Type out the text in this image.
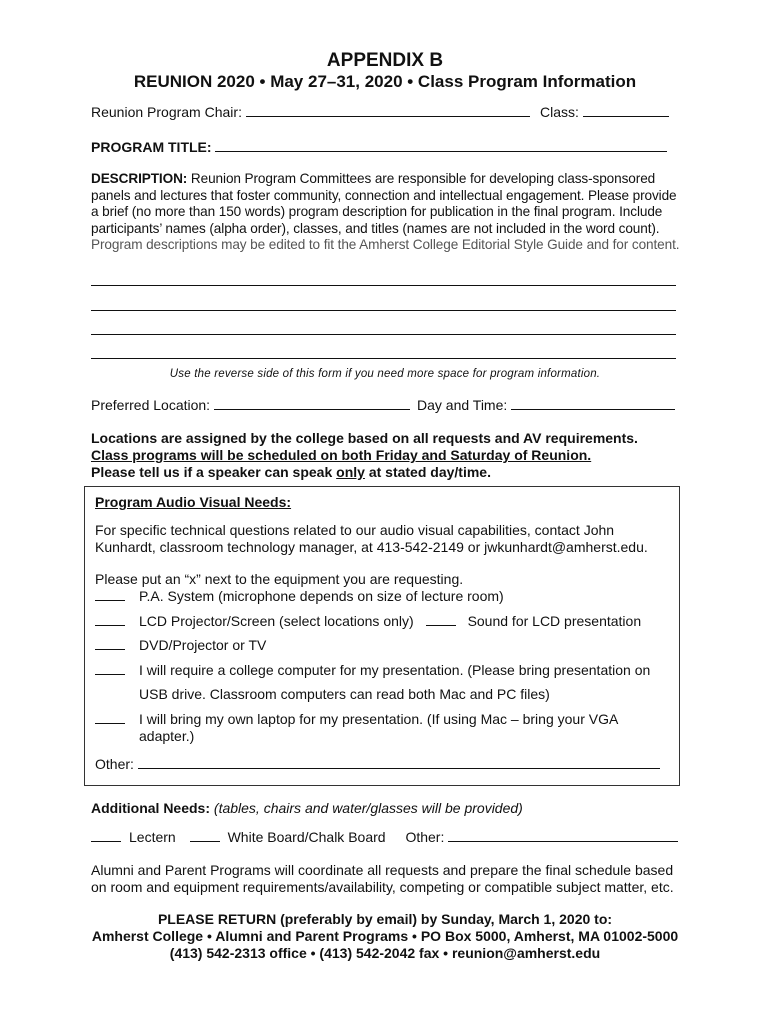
APPENDIX B
REUNION 2020 • May 27–31, 2020 • Class Program Information
Reunion Program Chair:	Class:
PROGRAM TITLE:
DESCRIPTION: Reunion Program Committees are responsible for developing class-sponsored panels and lectures that foster community, connection and intellectual engagement. Please provide a brief (no more than 150 words) program description for publication in the final program. Include participants’ names (alpha order), classes, and titles (names are not included in the word count). Program descriptions may be edited to fit the Amherst College Editorial Style Guide and for content.
Use the reverse side of this form if you need more space for program information.
Preferred Location:	Day and Time:
Locations are assigned by the college based on all requests and AV requirements.
Class programs will be scheduled on both Friday and Saturday of Reunion.
Please tell us if a speaker can speak only at stated day/time.
Program Audio Visual Needs:
For specific technical questions related to our audio visual capabilities, contact John Kunhardt, classroom technology manager, at 413-542-2149 or jwkunhardt@amherst.edu.
Please put an “x” next to the equipment you are requesting.
P.A. System (microphone depends on size of lecture room)
LCD Projector/Screen (select locations only)	Sound for LCD presentation
DVD/Projector or TV
I will require a college computer for my presentation. (Please bring presentation on
USB drive. Classroom computers can read both Mac and PC files)
I will bring my own laptop for my presentation. (If using Mac – bring your VGA
adapter.)
Other:
Additional Needs: (tables, chairs and water/glasses will be provided)
Lectern	White Board/Chalk Board Other:
Alumni and Parent Programs will coordinate all requests and prepare the final schedule based on room and equipment requirements/availability, competing or compatible subject matter, etc.
PLEASE RETURN (preferably by email) by Sunday, March 1, 2020 to:
Amherst College • Alumni and Parent Programs • PO Box 5000, Amherst, MA 01002-5000
(413) 542-2313 office • (413) 542-2042 fax • reunion@amherst.edu
